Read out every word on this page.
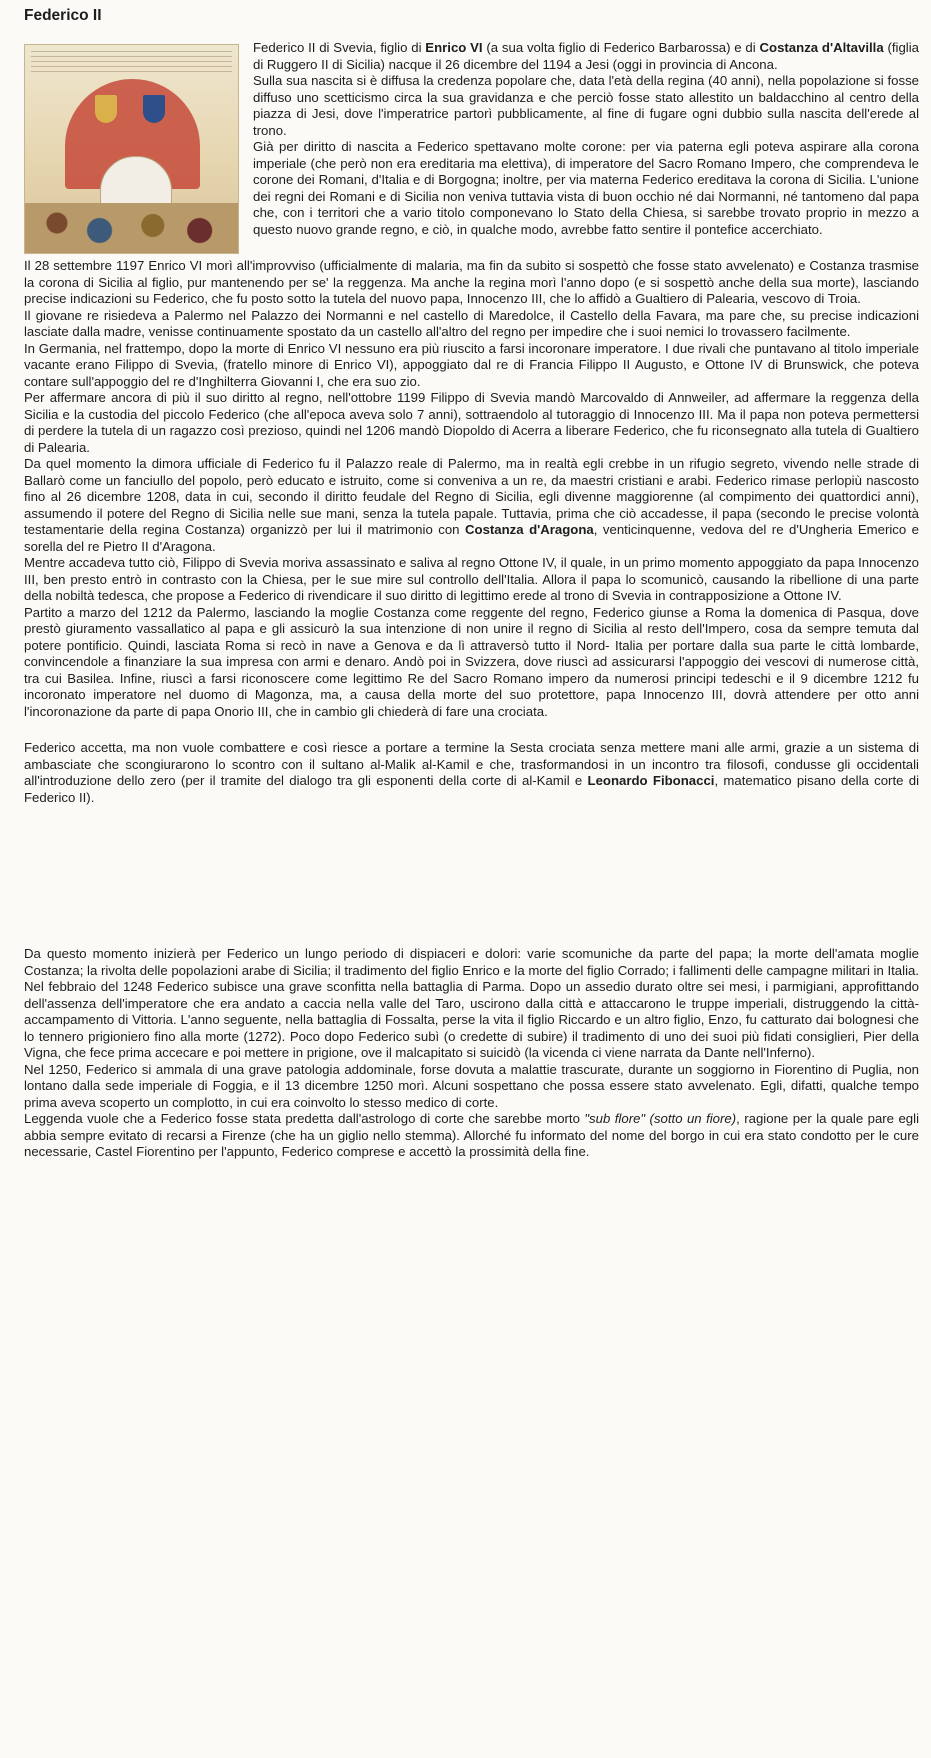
Federico II

Federico II di Svevia, figlio di Enrico VI (a sua volta figlio di Federico Barbarossa) e di Costanza d'Altavilla (figlia di Ruggero II di Sicilia) nacque il 26 dicembre del 1194 a Jesi (oggi in provincia di Ancona.

Sulla sua nascita si è diffusa la credenza popolare che, data l'età della regina (40 anni), nella popolazione si fosse diffuso uno scetticismo circa la sua gravidanza e che perciò fosse stato allestito un baldacchino al centro della piazza di Jesi, dove l'imperatrice partorì pubblicamente, al fine di fugare ogni dubbio sulla nascita dell'erede al trono.

Già per diritto di nascita a Federico spettavano molte corone: per via paterna egli poteva aspirare alla corona imperiale (che però non era ereditaria ma elettiva), di imperatore del Sacro Romano Impero, che comprendeva le corone dei Romani, d'Italia e di Borgogna; inoltre, per via materna Federico ereditava la corona di Sicilia. L'unione dei regni dei Romani e di Sicilia non veniva tuttavia vista di buon occhio né dai Normanni, né tantomeno dal papa che, con i territori che a vario titolo componevano lo Stato della Chiesa, si sarebbe trovato proprio in mezzo a questo nuovo grande regno, e ciò, in qualche modo, avrebbe fatto sentire il pontefice accerchiato.

Il 28 settembre 1197 Enrico VI morì all'improvviso (ufficialmente di malaria, ma fin da subito si sospettò che fosse stato avvelenato) e Costanza trasmise la corona di Sicilia al figlio, pur mantenendo per se' la reggenza. Ma anche la regina morì l'anno dopo (e si sospettò anche della sua morte), lasciando precise indicazioni su Federico, che fu posto sotto la tutela del nuovo papa, Innocenzo III, che lo affidò a Gualtiero di Palearia, vescovo di Troia.

Il giovane re risiedeva a Palermo nel Palazzo dei Normanni e nel castello di Maredolce, il Castello della Favara, ma pare che, su precise indicazioni lasciate dalla madre, venisse continuamente spostato da un castello all'altro del regno per impedire che i suoi nemici lo trovassero facilmente.

In Germania, nel frattempo, dopo la morte di Enrico VI nessuno era più riuscito a farsi incoronare imperatore. I due rivali che puntavano al titolo imperiale vacante erano Filippo di Svevia, (fratello minore di Enrico VI), appoggiato dal re di Francia Filippo II Augusto, e Ottone IV di Brunswick, che poteva contare sull'appoggio del re d'Inghilterra Giovanni I, che era suo zio.

Per affermare ancora di più il suo diritto al regno, nell'ottobre 1199 Filippo di Svevia mandò Marcovaldo di Annweiler, ad affermare la reggenza della Sicilia e la custodia del piccolo Federico (che all'epoca aveva solo 7 anni), sottraendolo al tutoraggio di Innocenzo III. Ma il papa non poteva permettersi di perdere la tutela di un ragazzo così prezioso, quindi nel 1206 mandò Diopoldo di Acerra a liberare Federico, che fu riconsegnato alla tutela di Gualtiero di Palearia.

Da quel momento la dimora ufficiale di Federico fu il Palazzo reale di Palermo, ma in realtà egli crebbe in un rifugio segreto, vivendo nelle strade di Ballarò come un fanciullo del popolo, però educato e istruito, come si conveniva a un re, da maestri cristiani e arabi. Federico rimase perlopiù nascosto fino al 26 dicembre 1208, data in cui, secondo il diritto feudale del Regno di Sicilia, egli divenne maggiorenne (al compimento dei quattordici anni), assumendo il potere del Regno di Sicilia nelle sue mani, senza la tutela papale. Tuttavia, prima che ciò accadesse, il papa (secondo le precise volontà testamentarie della regina Costanza) organizzò per lui il matrimonio con Costanza d'Aragona, venticinquenne, vedova del re d'Ungheria Emerico e sorella del re Pietro II d'Aragona.

Mentre accadeva tutto ciò, Filippo di Svevia moriva assassinato e saliva al regno Ottone IV, il quale, in un primo momento appoggiato da papa Innocenzo III, ben presto entrò in contrasto con la Chiesa, per le sue mire sul controllo dell'Italia. Allora il papa lo scomunicò, causando la ribellione di una parte della nobiltà tedesca, che propose a Federico di rivendicare il suo diritto di legittimo erede al trono di Svevia in contrapposizione a Ottone IV.

Partito a marzo del 1212 da Palermo, lasciando la moglie Costanza come reggente del regno, Federico giunse a Roma la domenica di Pasqua, dove prestò giuramento vassallatico al papa e gli assicurò la sua intenzione di non unire il regno di Sicilia al resto dell'Impero, cosa da sempre temuta dal potere pontificio. Quindi, lasciata Roma si recò in nave a Genova e da lì attraversò tutto il Nord- Italia per portare dalla sua parte le città lombarde, convincendole a finanziare la sua impresa con armi e denaro. Andò poi in Svizzera, dove riuscì ad assicurarsi l'appoggio dei vescovi di numerose città, tra cui Basilea. Infine, riuscì a farsi riconoscere come legittimo Re del Sacro Romano impero da numerosi principi tedeschi e il 9 dicembre 1212 fu incoronato imperatore nel duomo di Magonza, ma, a causa della morte del suo protettore, papa Innocenzo III, dovrà attendere per otto anni l'incoronazione da parte di papa Onorio III, che in cambio gli chiederà di fare una crociata.

Federico accetta, ma non vuole combattere e così riesce a portare a termine la Sesta crociata senza mettere mani alle armi, grazie a un sistema di ambasciate che scongiurarono lo scontro con il sultano al-Malik al-Kamil e che, trasformandosi in un incontro tra filosofi, condusse gli occidentali all'introduzione dello zero (per il tramite del dialogo tra gli esponenti della corte di al-Kamil e Leonardo Fibonacci, matematico pisano della corte di Federico II).

Da questo momento inizierà per Federico un lungo periodo di dispiaceri e dolori: varie scomuniche da parte del papa; la morte dell'amata moglie Costanza; la rivolta delle popolazioni arabe di Sicilia; il tradimento del figlio Enrico e la morte del figlio Corrado; i fallimenti delle campagne militari in Italia.

Nel febbraio del 1248 Federico subisce una grave sconfitta nella battaglia di Parma. Dopo un assedio durato oltre sei mesi, i parmigiani, approfittando dell'assenza dell'imperatore che era andato a caccia nella valle del Taro, uscirono dalla città e attaccarono le truppe imperiali, distruggendo la città-accampamento di Vittoria. L'anno seguente, nella battaglia di Fossalta, perse la vita il figlio Riccardo e un altro figlio, Enzo, fu catturato dai bolognesi che lo tennero prigioniero fino alla morte (1272). Poco dopo Federico subì (o credette di subire) il tradimento di uno dei suoi più fidati consiglieri, Pier della Vigna, che fece prima accecare e poi mettere in prigione, ove il malcapitato si suicidò (la vicenda ci viene narrata da Dante nell'Inferno).

Nel 1250, Federico si ammala di una grave patologia addominale, forse dovuta a malattie trascurate, durante un soggiorno in Fiorentino di Puglia, non lontano dalla sede imperiale di Foggia, e il 13 dicembre 1250 morì. Alcuni sospettano che possa essere stato avvelenato. Egli, difatti, qualche tempo prima aveva scoperto un complotto, in cui era coinvolto lo stesso medico di corte.

Leggenda vuole che a Federico fosse stata predetta dall'astrologo di corte che sarebbe morto "sub flore" (sotto un fiore), ragione per la quale pare egli abbia sempre evitato di recarsi a Firenze (che ha un giglio nello stemma). Allorché fu informato del nome del borgo in cui era stato condotto per le cure necessarie, Castel Fiorentino per l'appunto, Federico comprese e accettò la prossimità della fine.
